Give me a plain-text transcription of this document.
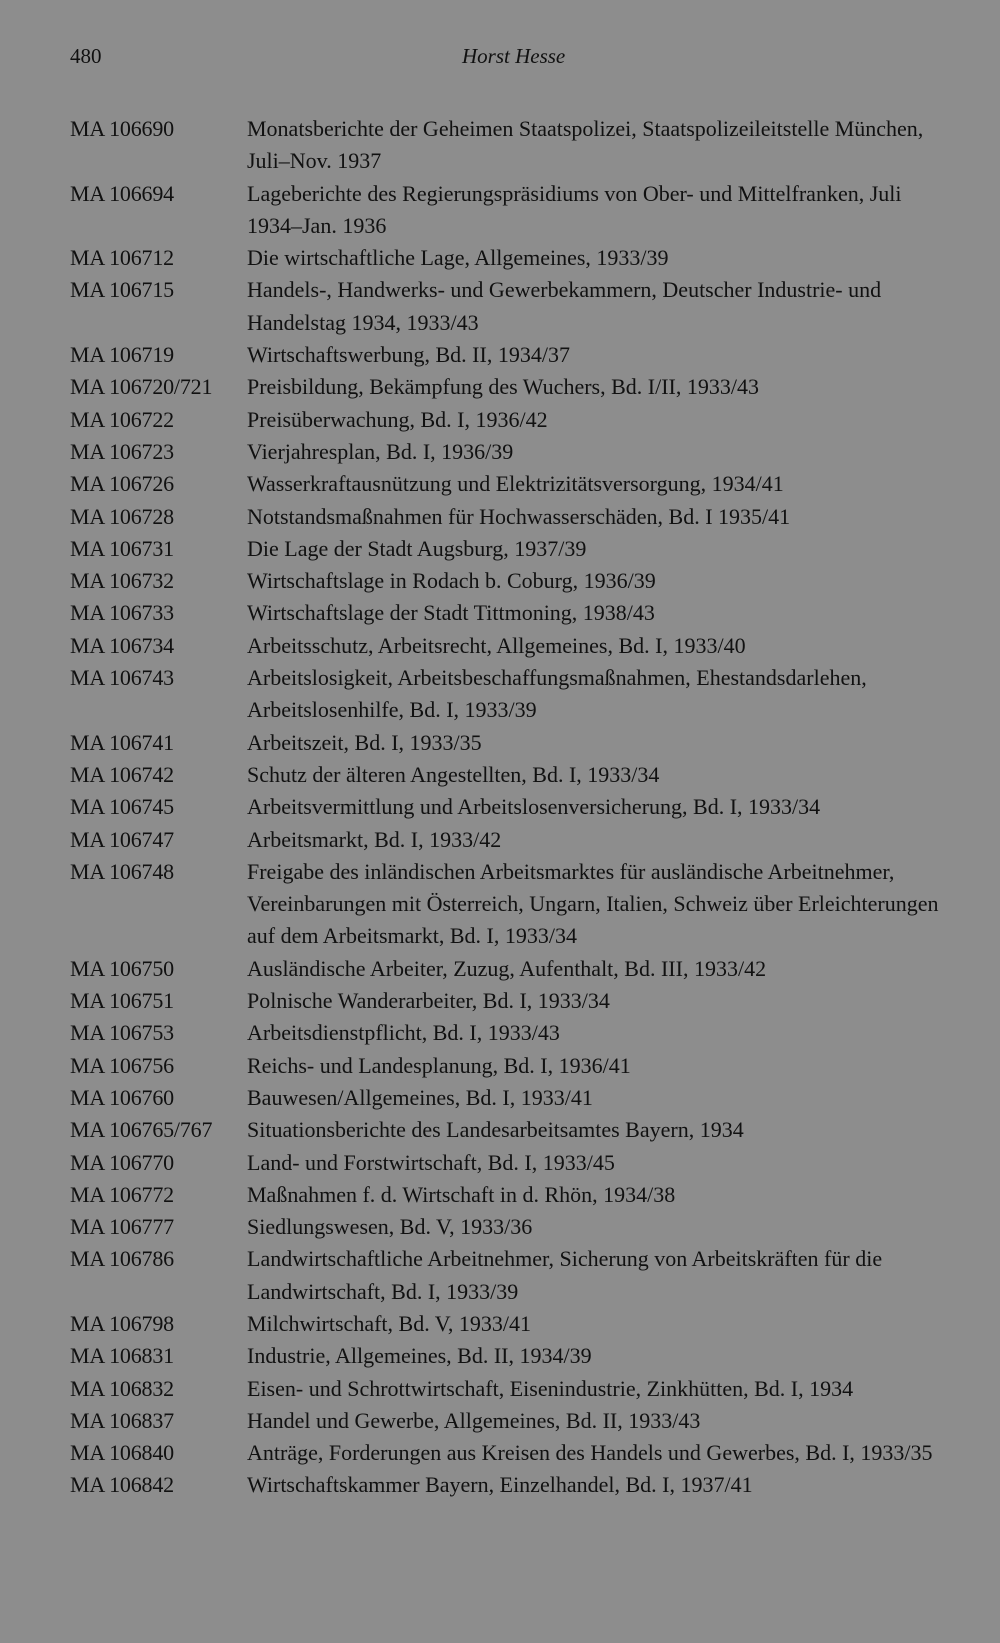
480	Horst Hesse
MA 106690	Monatsberichte der Geheimen Staatspolizei, Staatspolizeileitstelle München, Juli–Nov. 1937
MA 106694	Lageberichte des Regierungspräsidiums von Ober- und Mittelfranken, Juli 1934–Jan. 1936
MA 106712	Die wirtschaftliche Lage, Allgemeines, 1933/39
MA 106715	Handels-, Handwerks- und Gewerbekammern, Deutscher Industrie- und Handelstag 1934, 1933/43
MA 106719	Wirtschaftswerbung, Bd. II, 1934/37
MA 106720/721	Preisbildung, Bekämpfung des Wuchers, Bd. I/II, 1933/43
MA 106722	Preisüberwachung, Bd. I, 1936/42
MA 106723	Vierjahresplan, Bd. I, 1936/39
MA 106726	Wasserkraftausnützung und Elektrizitätsversorgung, 1934/41
MA 106728	Notstandsmaßnahmen für Hochwasserschäden, Bd. I 1935/41
MA 106731	Die Lage der Stadt Augsburg, 1937/39
MA 106732	Wirtschaftslage in Rodach b. Coburg, 1936/39
MA 106733	Wirtschaftslage der Stadt Tittmoning, 1938/43
MA 106734	Arbeitsschutz, Arbeitsrecht, Allgemeines, Bd. I, 1933/40
MA 106743	Arbeitslosigkeit, Arbeitsbeschaffungsmaßnahmen, Ehestandsdarlehen, Arbeitslosenhilfe, Bd. I, 1933/39
MA 106741	Arbeitszeit, Bd. I, 1933/35
MA 106742	Schutz der älteren Angestellten, Bd. I, 1933/34
MA 106745	Arbeitsvermittlung und Arbeitslosenversicherung, Bd. I, 1933/34
MA 106747	Arbeitsmarkt, Bd. I, 1933/42
MA 106748	Freigabe des inländischen Arbeitsmarktes für ausländische Arbeitnehmer, Vereinbarungen mit Österreich, Ungarn, Italien, Schweiz über Erleichterungen auf dem Arbeitsmarkt, Bd. I, 1933/34
MA 106750	Ausländische Arbeiter, Zuzug, Aufenthalt, Bd. III, 1933/42
MA 106751	Polnische Wanderarbeiter, Bd. I, 1933/34
MA 106753	Arbeitsdienstpflicht, Bd. I, 1933/43
MA 106756	Reichs- und Landesplanung, Bd. I, 1936/41
MA 106760	Bauwesen/Allgemeines, Bd. I, 1933/41
MA 106765/767	Situationsberichte des Landesarbeitsamtes Bayern, 1934
MA 106770	Land- und Forstwirtschaft, Bd. I, 1933/45
MA 106772	Maßnahmen f. d. Wirtschaft in d. Rhön, 1934/38
MA 106777	Siedlungswesen, Bd. V, 1933/36
MA 106786	Landwirtschaftliche Arbeitnehmer, Sicherung von Arbeitskräften für die Landwirtschaft, Bd. I, 1933/39
MA 106798	Milchwirtschaft, Bd. V, 1933/41
MA 106831	Industrie, Allgemeines, Bd. II, 1934/39
MA 106832	Eisen- und Schrottwirtschaft, Eisenindustrie, Zinkhütten, Bd. I, 1934
MA 106837	Handel und Gewerbe, Allgemeines, Bd. II, 1933/43
MA 106840	Anträge, Forderungen aus Kreisen des Handels und Gewerbes, Bd. I, 1933/35
MA 106842	Wirtschaftskammer Bayern, Einzelhandel, Bd. I, 1937/41
